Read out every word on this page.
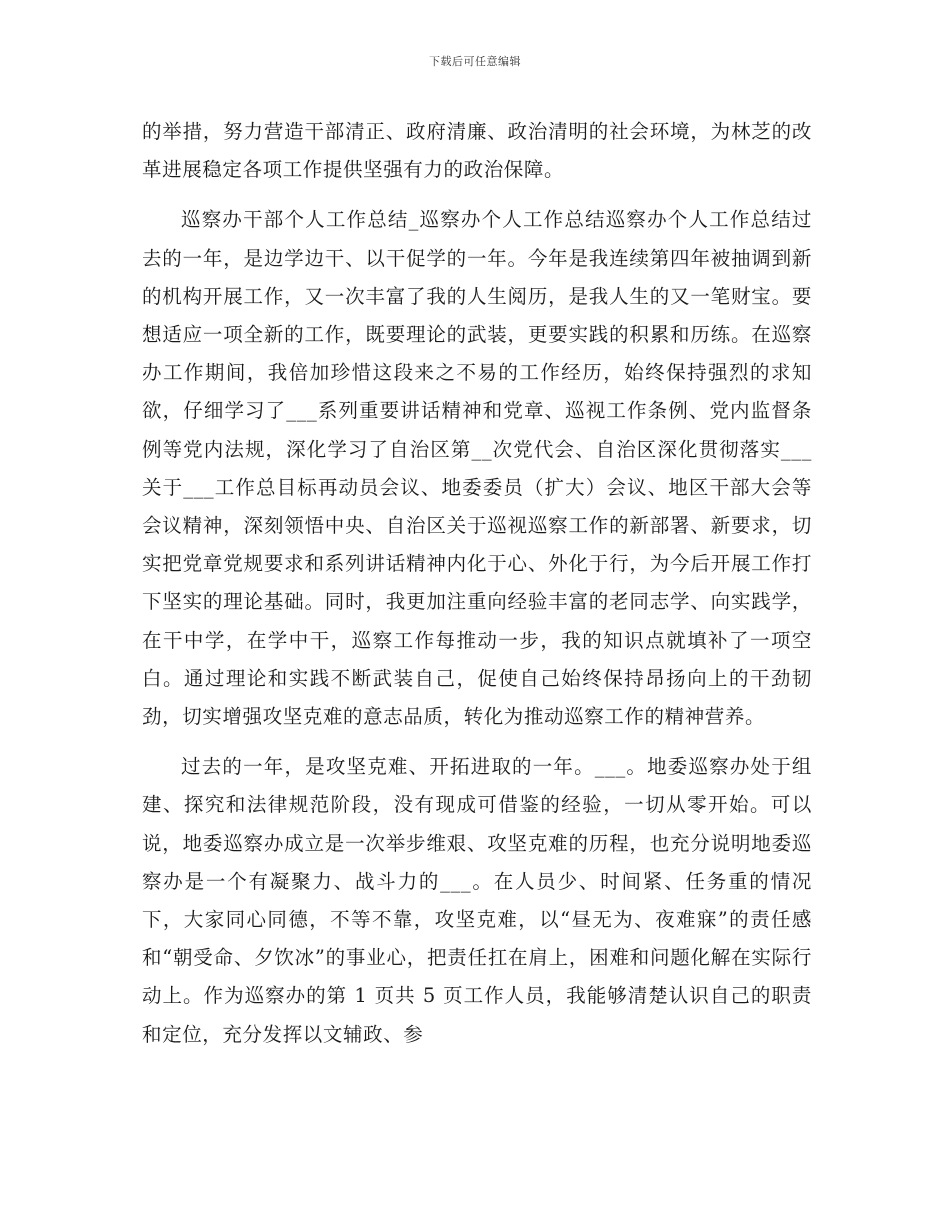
下载后可任意编辑

的举措，努力营造干部清正、政府清廉、政治清明的社会环境，为林芝的改革进展稳定各项工作提供坚强有力的政治保障。

巡察办干部个人工作总结_巡察办个人工作总结巡察办个人工作总结过去的一年，是边学边干、以干促学的一年。今年是我连续第四年被抽调到新的机构开展工作，又一次丰富了我的人生阅历，是我人生的又一笔财宝。要想适应一项全新的工作，既要理论的武装，更要实践的积累和历练。在巡察办工作期间，我倍加珍惜这段来之不易的工作经历，始终保持强烈的求知欲，仔细学习了___系列重要讲话精神和党章、巡视工作条例、党内监督条例等党内法规，深化学习了自治区第__次党代会、自治区深化贯彻落实___关于___工作总目标再动员会议、地委委员（扩大）会议、地区干部大会等会议精神，深刻领悟中央、自治区关于巡视巡察工作的新部署、新要求，切实把党章党规要求和系列讲话精神内化于心、外化于行，为今后开展工作打下坚实的理论基础。同时，我更加注重向经验丰富的老同志学、向实践学，在干中学，在学中干，巡察工作每推动一步，我的知识点就填补了一项空白。通过理论和实践不断武装自己，促使自己始终保持昂扬向上的干劲韧劲，切实增强攻坚克难的意志品质，转化为推动巡察工作的精神营养。

过去的一年，是攻坚克难、开拓进取的一年。___。地委巡察办处于组建、探究和法律规范阶段，没有现成可借鉴的经验，一切从零开始。可以说，地委巡察办成立是一次举步维艰、攻坚克难的历程，也充分说明地委巡察办是一个有凝聚力、战斗力的___。在人员少、时间紧、任务重的情况下，大家同心同德，不等不靠，攻坚克难，以“昼无为、夜难寐”的责任感和“朝受命、夕饮冰”的事业心，把责任扛在肩上，困难和问题化解在实际行动上。作为巡察办的第 1 页共 5 页工作人员，我能够清楚认识自己的职责和定位，充分发挥以文辅政、参
